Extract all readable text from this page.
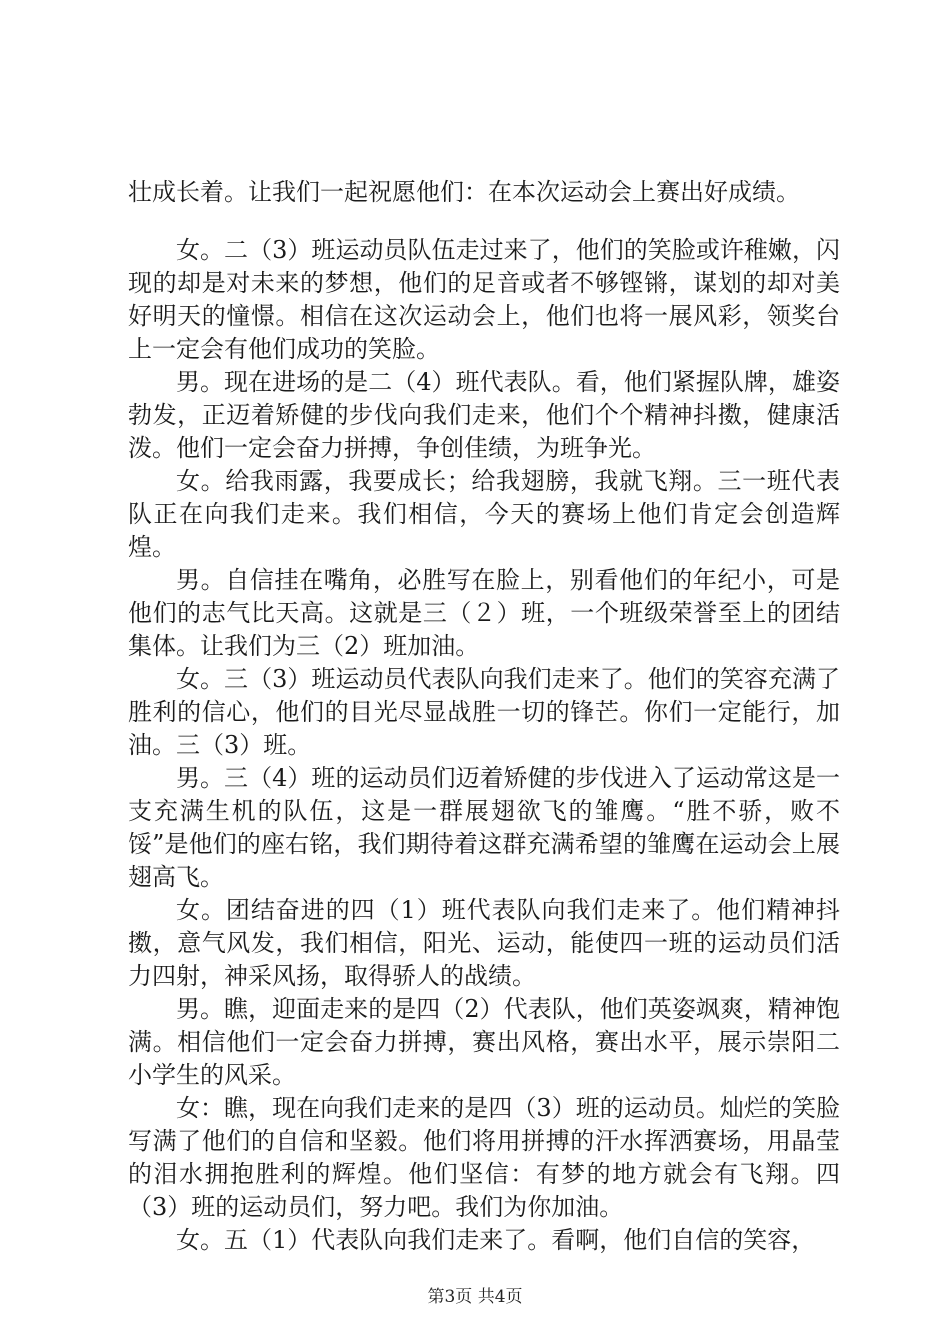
壮成长着。让我们一起祝愿他们：在本次运动会上赛出好成绩。

女。二（3）班运动员队伍走过来了，他们的笑脸或许稚嫩，闪现的却是对未来的梦想，他们的足音或者不够铿锵，谋划的却对美好明天的憧憬。相信在这次运动会上，他们也将一展风彩，领奖台上一定会有他们成功的笑脸。

男。现在进场的是二（4）班代表队。看，他们紧握队牌，雄姿勃发，正迈着矫健的步伐向我们走来，他们个个精神抖擞，健康活泼。他们一定会奋力拼搏，争创佳绩，为班争光。

女。给我雨露，我要成长；给我翅膀，我就飞翔。三一班代表队正在向我们走来。我们相信，今天的赛场上他们肯定会创造辉煌。

男。自信挂在嘴角，必胜写在脸上，别看他们的年纪小，可是他们的志气比天高。这就是三（２）班，一个班级荣誉至上的团结集体。让我们为三（2）班加油。

女。三（3）班运动员代表队向我们走来了。他们的笑容充满了胜利的信心，他们的目光尽显战胜一切的锋芒。你们一定能行，加油。三（3）班。

男。三（4）班的运动员们迈着矫健的步伐进入了运动常这是一支充满生机的队伍，这是一群展翅欲飞的雏鹰。“胜不骄，败不馁”是他们的座右铭，我们期待着这群充满希望的雏鹰在运动会上展翅高飞。

女。团结奋进的四（1）班代表队向我们走来了。他们精神抖擞，意气风发，我们相信，阳光、运动，能使四一班的运动员们活力四射，神采风扬，取得骄人的战绩。

男。瞧，迎面走来的是四（2）代表队，他们英姿飒爽，精神饱满。相信他们一定会奋力拼搏，赛出风格，赛出水平，展示崇阳二小学生的风采。

女：瞧，现在向我们走来的是四（3）班的运动员。灿烂的笑脸写满了他们的自信和坚毅。他们将用拼搏的汗水挥洒赛场，用晶莹的泪水拥抱胜利的辉煌。他们坚信：有梦的地方就会有飞翔。四（3）班的运动员们，努力吧。我们为你加油。

女。五（1）代表队向我们走来了。看啊，他们自信的笑容，

第3页 共4页
